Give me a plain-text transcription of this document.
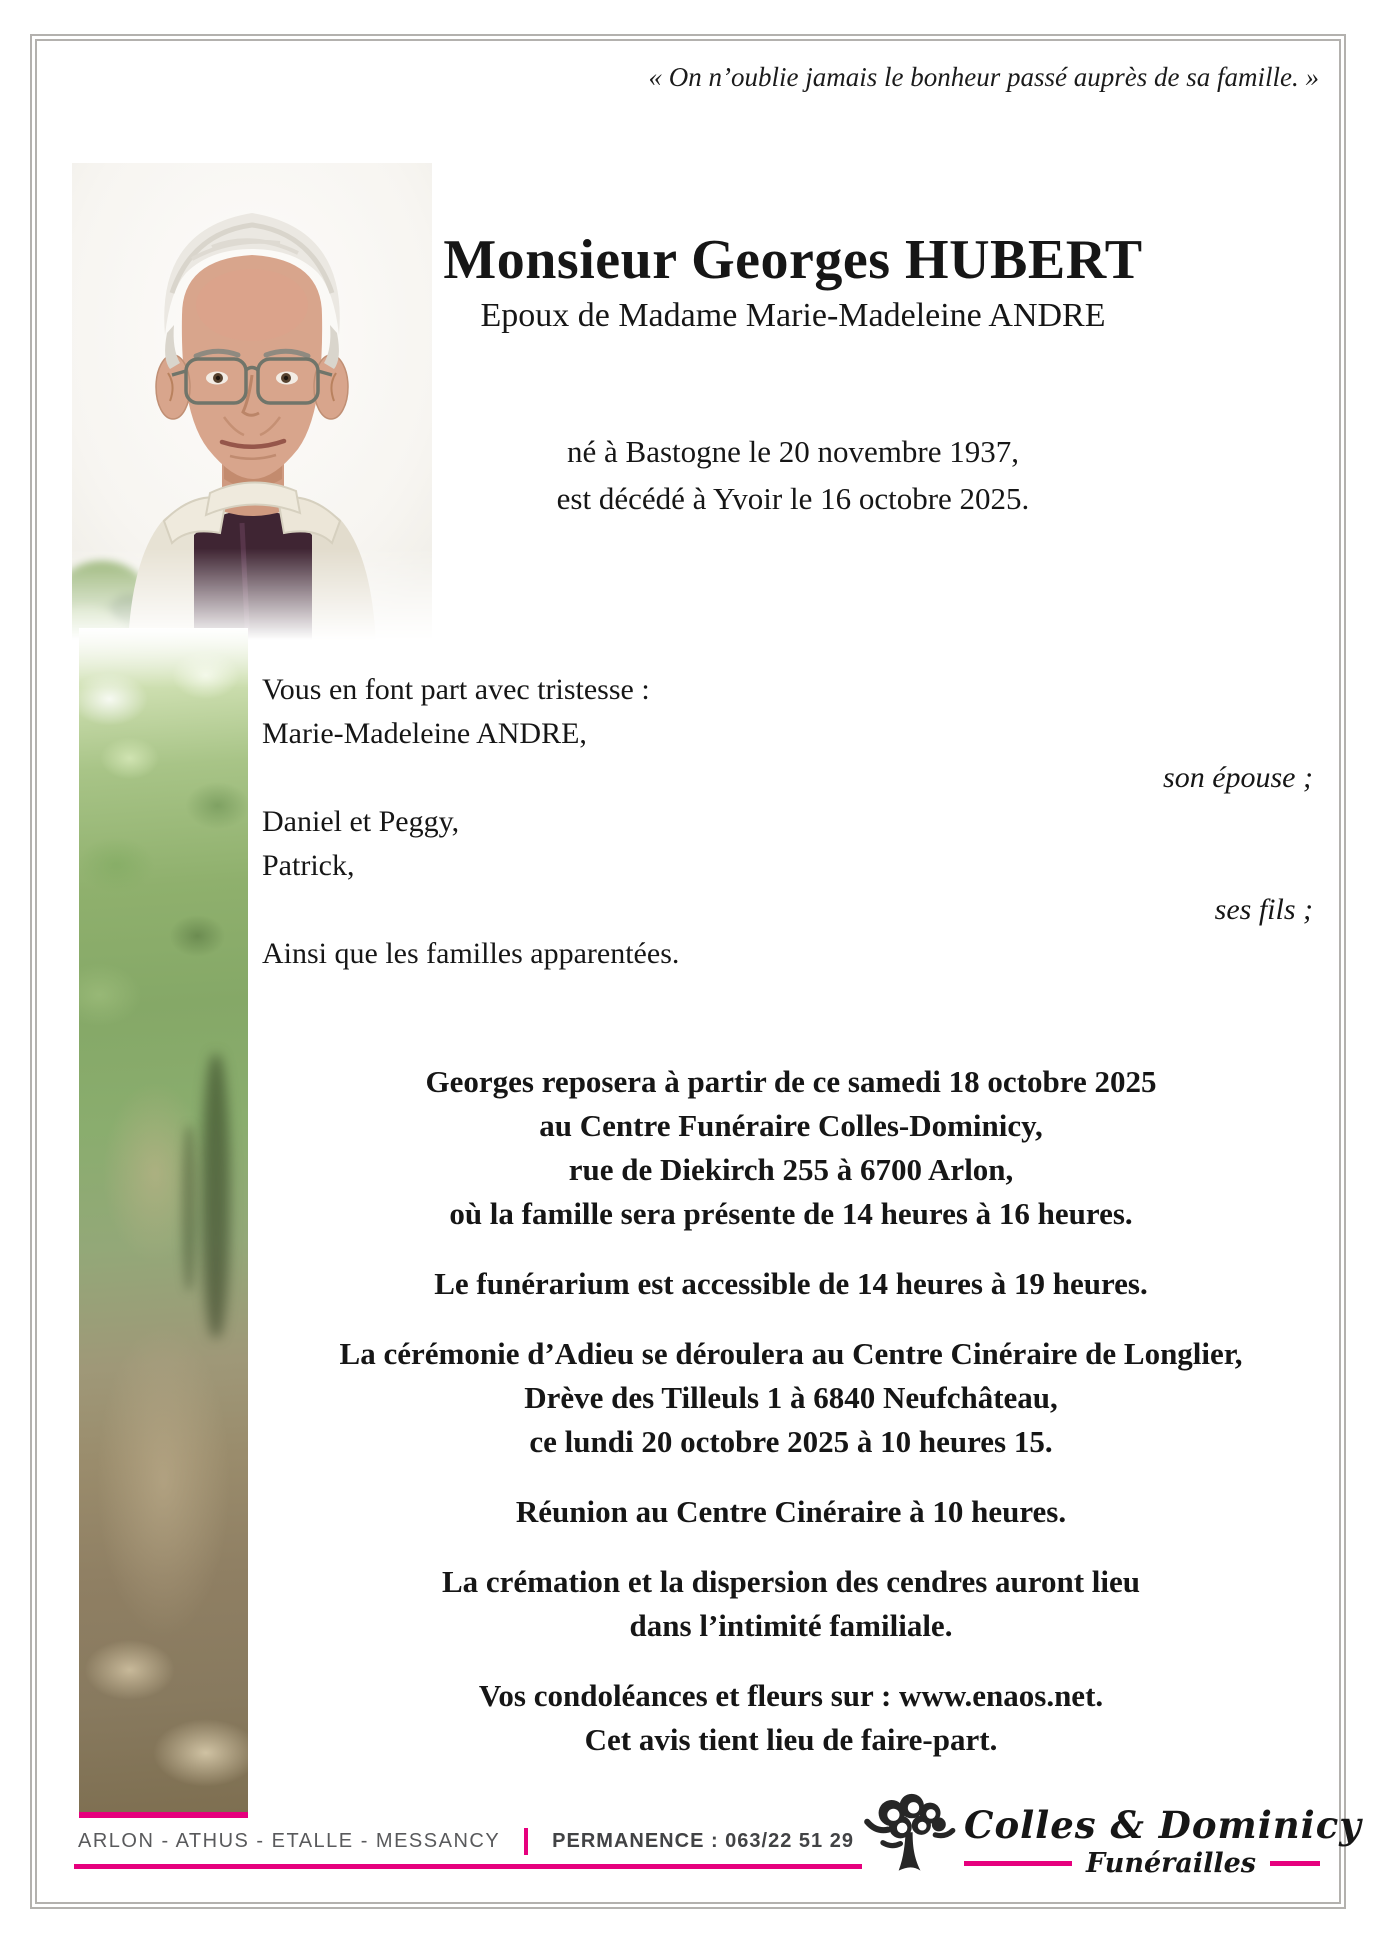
« On n’oublie jamais le bonheur passé auprès de sa famille. »
Monsieur Georges HUBERT
Epoux de Madame Marie-Madeleine ANDRE
né à Bastogne le 20 novembre 1937,
est décédé à Yvoir le 16 octobre 2025.
Vous en font part avec tristesse :
Marie-Madeleine ANDRE,
son épouse ;
Daniel et Peggy,
Patrick,
ses fils ;
Ainsi que les familles apparentées.

Georges reposera à partir de ce samedi 18 octobre 2025
au Centre Funéraire Colles-Dominicy,
rue de Diekirch 255 à 6700 Arlon,
où la famille sera présente de 14 heures à 16 heures.

Le funérarium est accessible de 14 heures à 19 heures.

La cérémonie d’Adieu se déroulera au Centre Cinéraire de Longlier,
Drève des Tilleuls 1 à 6840 Neufchâteau,
ce lundi 20 octobre 2025 à 10 heures 15.

Réunion au Centre Cinéraire à 10 heures.

La crémation et la dispersion des cendres auront lieu
dans l’intimité familiale.

Vos condoléances et fleurs sur : www.enaos.net.
Cet avis tient lieu de faire-part.

ARLON - ATHUS - ETALLE - MESSANCY	PERMANENCE : 063/22 51 29	Colles & Dominicy
Funérailles
